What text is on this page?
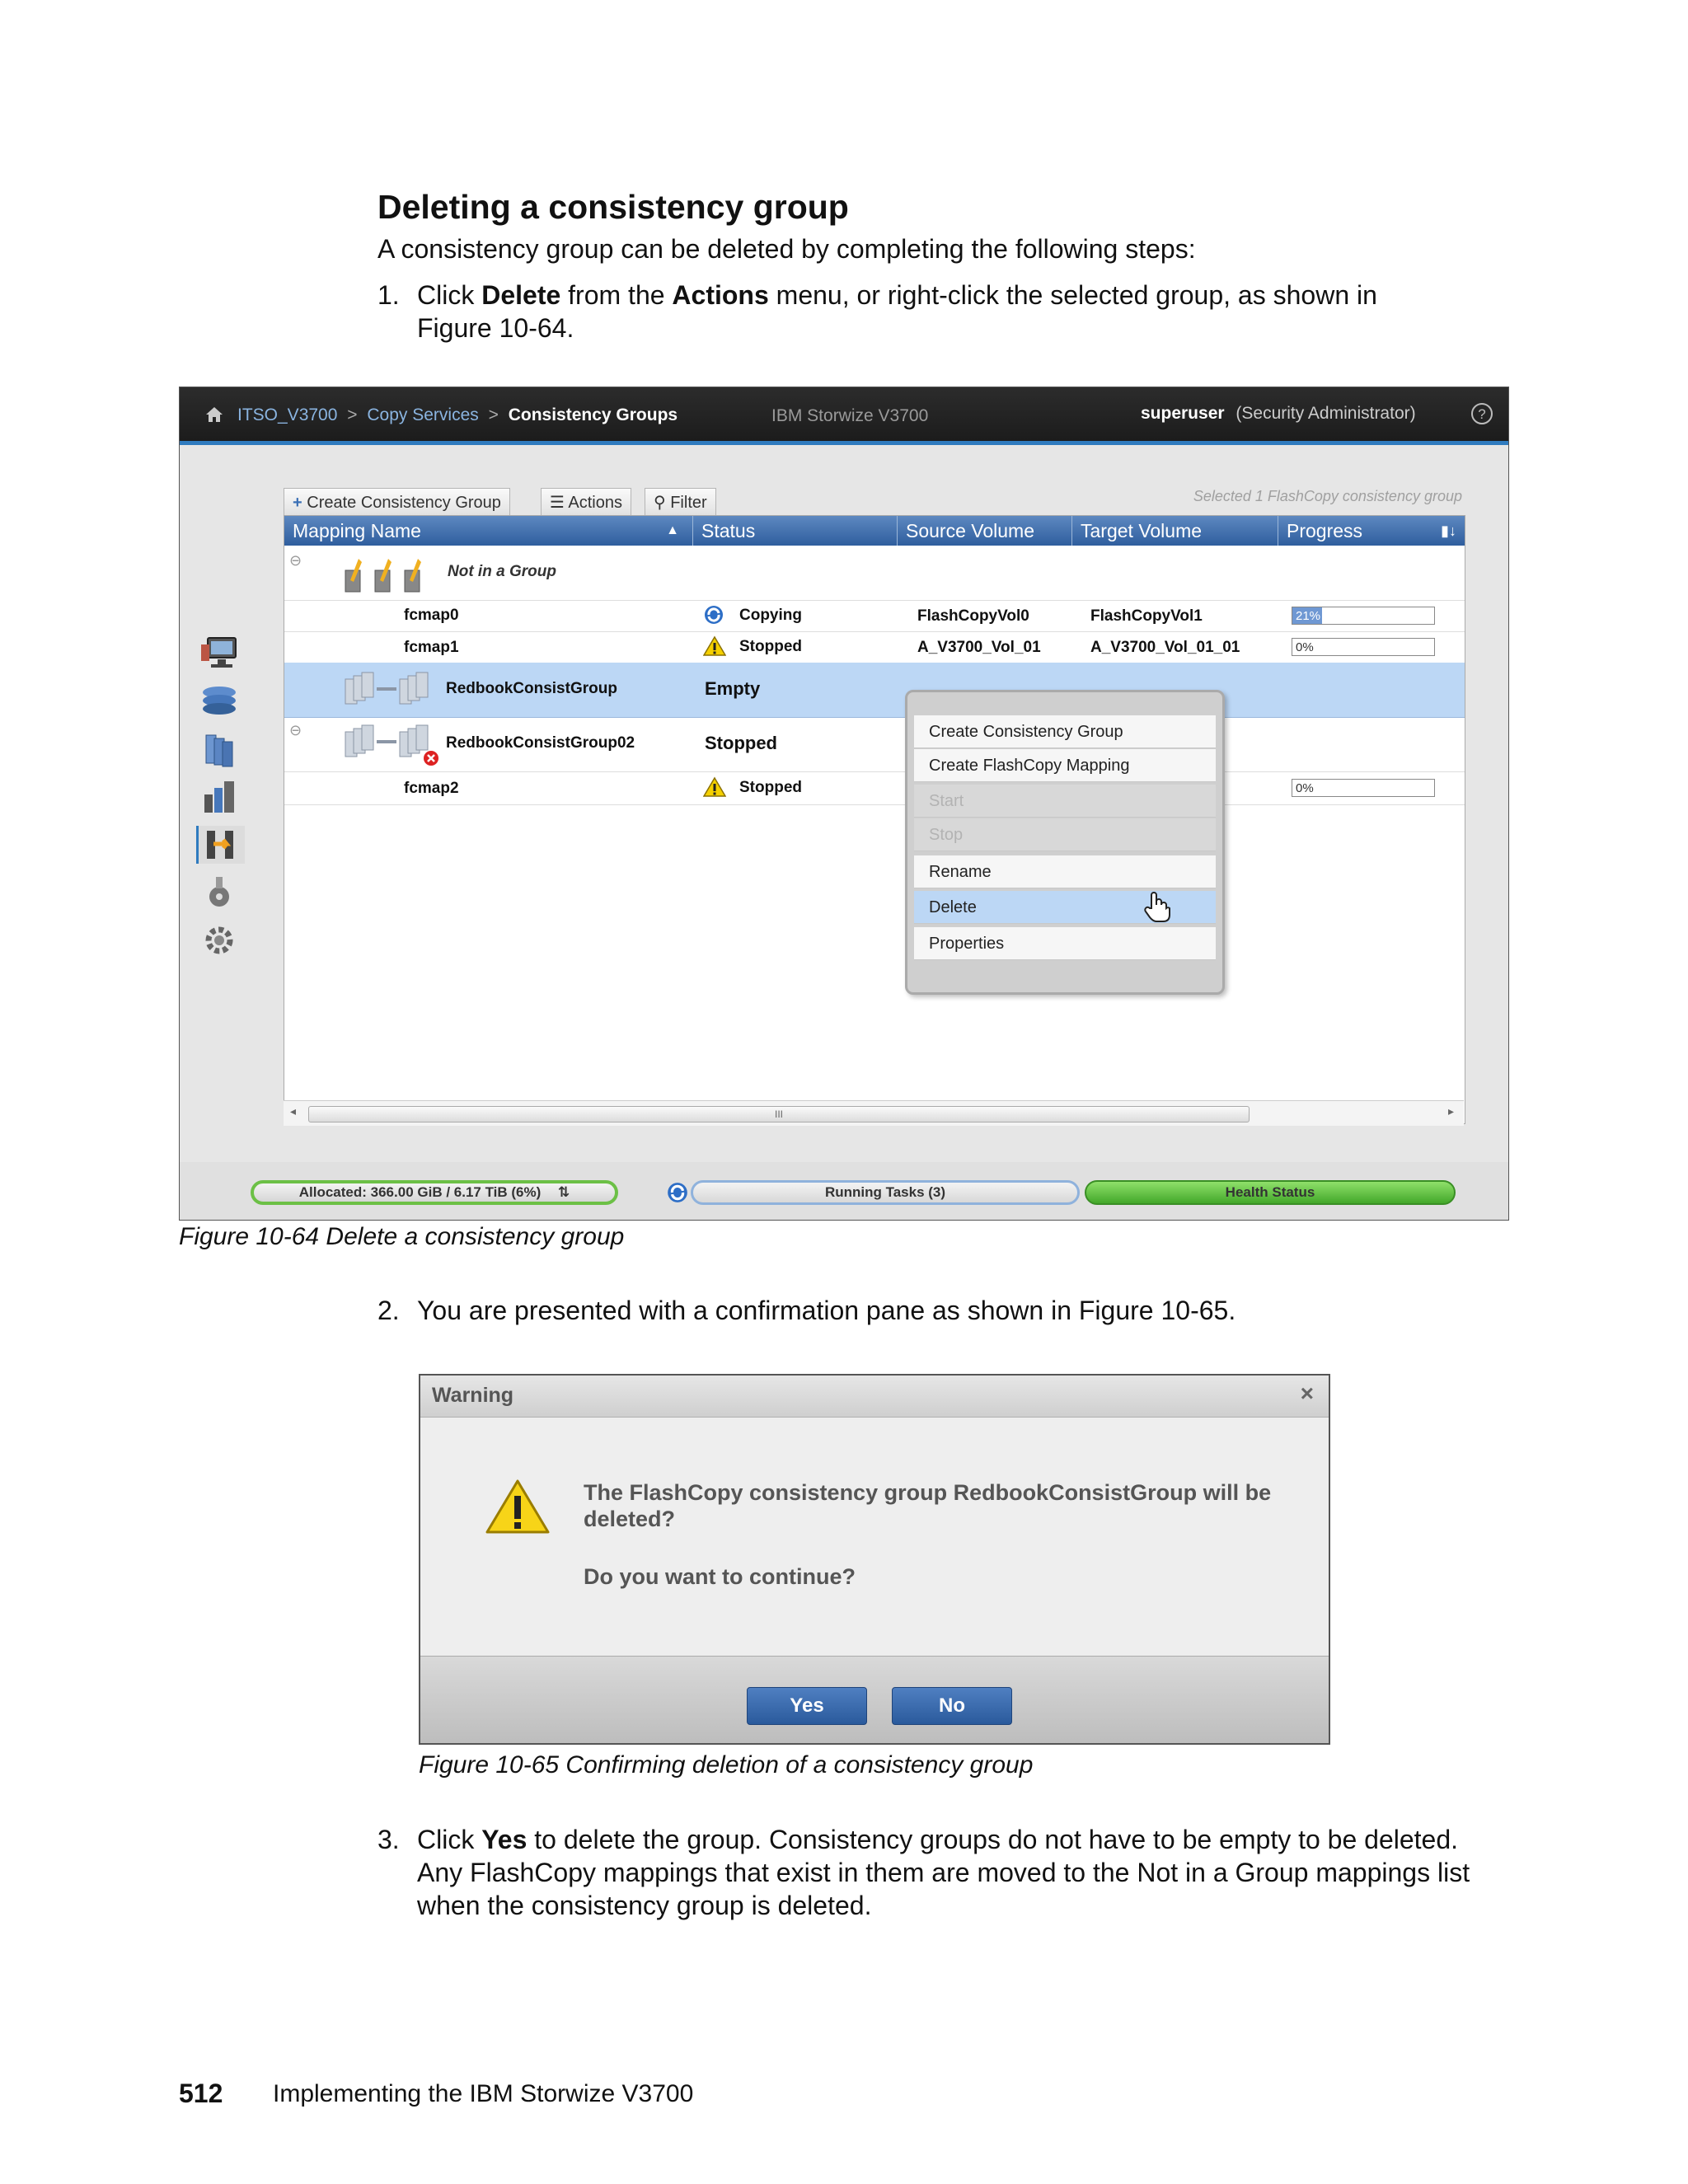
Deleting a consistency group
A consistency group can be deleted by completing the following steps:
1. Click Delete from the Actions menu, or right-click the selected group, as shown in
Figure 10-64.
ITSO_V3700 > Copy Services > Consistency Groups	IBM Storwize V3700	superuser (Security Administrator)	?
+ Create Consistency Group	☰ Actions	⚲ Filter	Selected 1 FlashCopy consistency group
Mapping Name	▲	Status	Source Volume	Target Volume	Progress	▮↓
⊖
Not in a Group
fcmap0	Copying	FlashCopyVol0	FlashCopyVol1	21%
fcmap1	Stopped	A_V3700_Vol_01	A_V3700_Vol_01_01	0%
RedbookConsistGroup	Empty
⊖
RedbookConsistGroup02	Stopped
fcmap2	Stopped	0%
◂	III	▸
Create Consistency Group
Create FlashCopy Mapping
Start
Stop
Rename
Delete
Properties
Allocated: 366.00 GiB / 6.17 TiB (6%) ⇅	Running Tasks (3)	Health Status
Figure 10-64 Delete a consistency group
2. You are presented with a confirmation pane as shown in Figure 10-65.
Warning	×
The FlashCopy consistency group RedbookConsistGroup will be
deleted?
Do you want to continue?
Yes	No
Figure 10-65 Confirming deletion of a consistency group
3. Click Yes to delete the group. Consistency groups do not have to be empty to be deleted.
Any FlashCopy mappings that exist in them are moved to the Not in a Group mappings list
when the consistency group is deleted.
512 Implementing the IBM Storwize V3700
